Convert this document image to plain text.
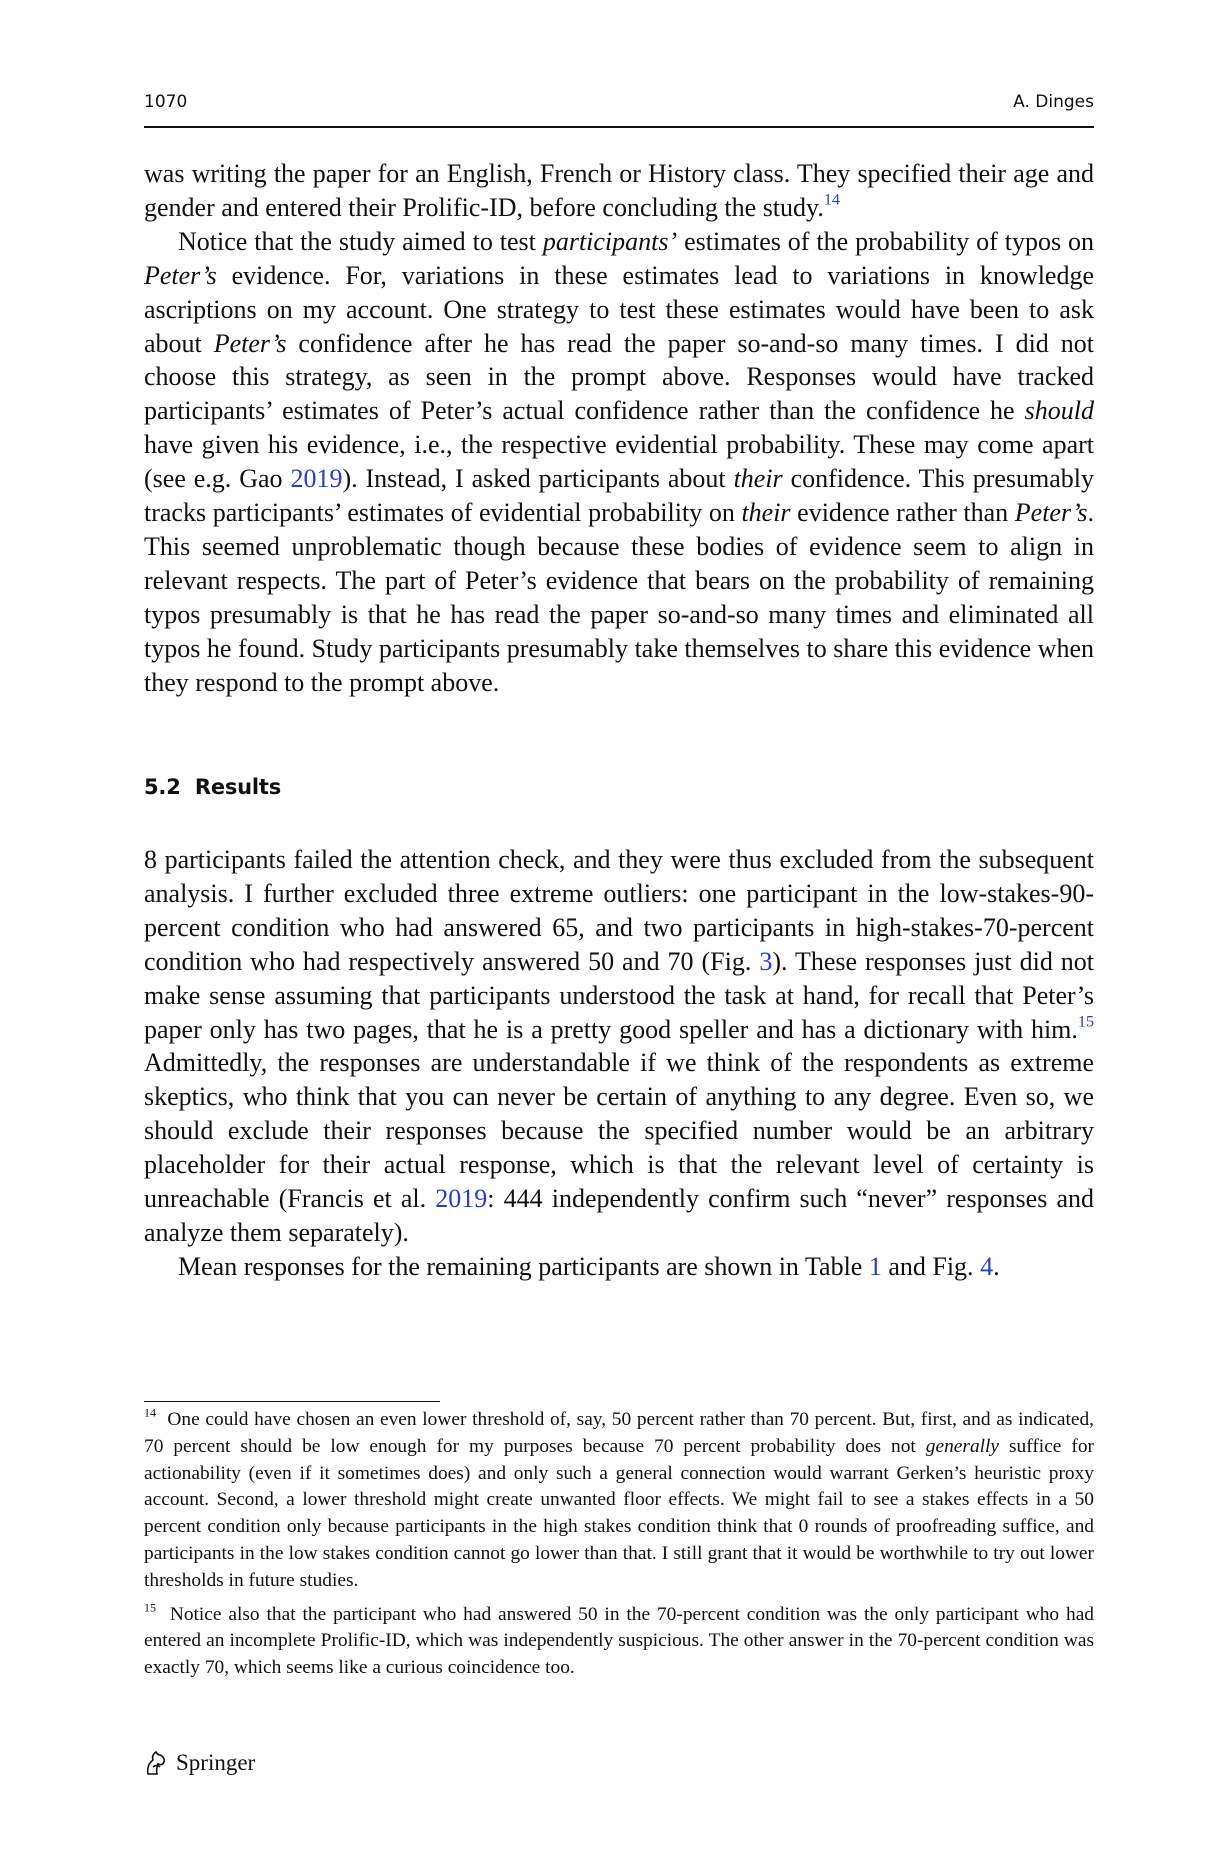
1070	A. Dinges

was writing the paper for an English, French or History class. They specified their age and gender and entered their Prolific-ID, before concluding the study.$^{14}$

Notice that the study aimed to test participants’ estimates of the probability of typos on Peter’s evidence. For, variations in these estimates lead to variations in knowledge ascriptions on my account. One strategy to test these estimates would have been to ask about Peter’s confidence after he has read the paper so-and-so many times. I did not choose this strategy, as seen in the prompt above. Responses would have tracked participants’ estimates of Peter’s actual confidence rather than the confidence he should have given his evidence, i.e., the respective evidential probability. These may come apart (see e.g. Gao 2019). Instead, I asked participants about their confidence. This presumably tracks participants’ estimates of evidential probability on their evidence rather than Peter’s. This seemed unproblematic though because these bodies of evidence seem to align in relevant respects. The part of Peter’s evidence that bears on the probability of remaining typos presumably is that he has read the paper so-and-so many times and eliminated all typos he found. Study participants presumably take themselves to share this evidence when they respond to the prompt above.

5.2 Results

8 participants failed the attention check, and they were thus excluded from the subsequent analysis. I further excluded three extreme outliers: one participant in the low-stakes-90-percent condition who had answered 65, and two participants in high-stakes-70-percent condition who had respectively answered 50 and 70 (Fig. 3). These responses just did not make sense assuming that participants understood the task at hand, for recall that Peter’s paper only has two pages, that he is a pretty good speller and has a dictionary with him.$^{15}$ Admittedly, the responses are understandable if we think of the respondents as extreme skeptics, who think that you can never be certain of anything to any degree. Even so, we should exclude their responses because the specified number would be an arbitrary placeholder for their actual response, which is that the relevant level of certainty is unreachable (Francis et al. 2019: 444 independently confirm such “never” responses and analyze them separately).

Mean responses for the remaining participants are shown in Table 1 and Fig. 4.

$^{14}$ One could have chosen an even lower threshold of, say, 50 percent rather than 70 percent. But, first, and as indicated, 70 percent should be low enough for my purposes because 70 percent probability does not generally suffice for actionability (even if it sometimes does) and only such a general connection would warrant Gerken’s heuristic proxy account. Second, a lower threshold might create unwanted floor effects. We might fail to see a stakes effects in a 50 percent condition only because participants in the high stakes condition think that 0 rounds of proofreading suffice, and participants in the low stakes condition cannot go lower than that. I still grant that it would be worthwhile to try out lower thresholds in future studies.

$^{15}$ Notice also that the participant who had answered 50 in the 70-percent condition was the only participant who had entered an incomplete Prolific-ID, which was independently suspicious. The other answer in the 70-percent condition was exactly 70, which seems like a curious coincidence too.

Springer
